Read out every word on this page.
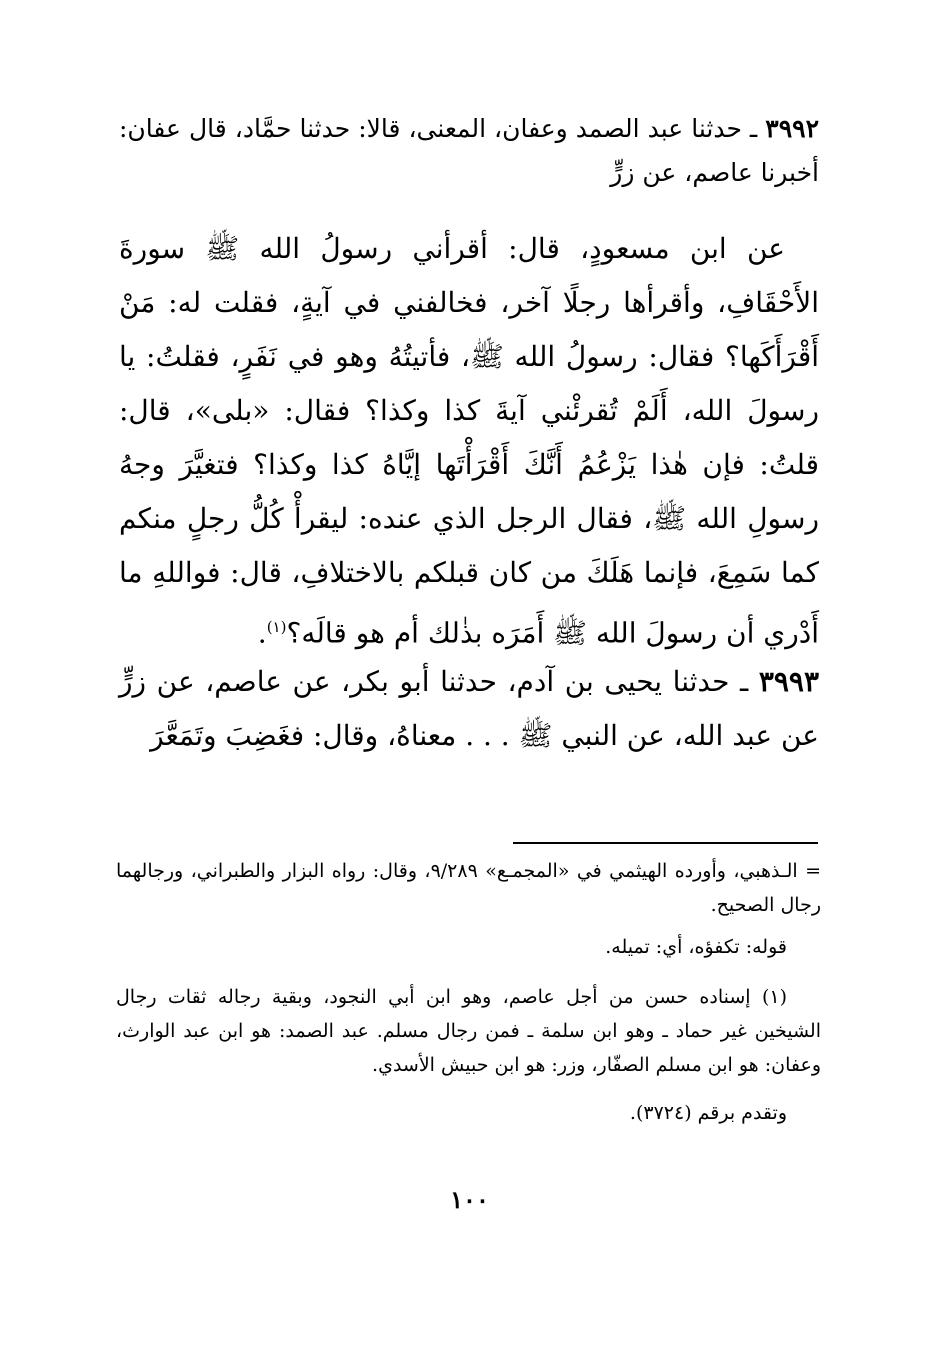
٣٩٩٢ ـ حدثنا عبد الصمد وعفان، المعنى، قالا: حدثنا حمَّاد، قال عفان: أخبرنا عاصم، عن زرٍّ

عن ابن مسعودٍ، قال: أقرأني رسولُ الله ﷺ سورةَ الأَحْقَافِ، وأقرأها رجلًا آخر، فخالفني في آيةٍ، فقلت له: مَنْ أَقْرَأَكَها؟ فقال: رسولُ الله ﷺ، فأتيتُهُ وهو في نَفَرٍ، فقلتُ: يا رسولَ الله، أَلَمْ تُقرئْني آيةَ كذا وكذا؟ فقال: «بلى»، قال: قلتُ: فإن هٰذا يَزْعُمُ أَنَّكَ أَقْرَأْتَها إيَّاهُ كذا وكذا؟ فتغيَّرَ وجهُ رسولِ الله ﷺ، فقال الرجل الذي عنده: ليقرأْ كُلُّ رجلٍ منكم كما سَمِعَ، فإنما هَلَكَ من كان قبلكم بالاختلافِ، قال: فواللهِ ما أَدْري أن رسولَ الله ﷺ أَمَرَه بذٰلك أم هو قالَه؟$^{(١)}$.

٣٩٩٣ ـ حدثنا يحيى بن آدم، حدثنا أبو بكر، عن عاصم، عن زرٍّ عن عبد الله، عن النبي ﷺ . . . معناهُ، وقال: فغَضِبَ وتَمَعَّرَ

= الـذهبي، وأورده الهيثمي في «المجمـع» ٩/٢٨٩، وقال: رواه البزار والطبراني، ورجالهما رجال الصحيح.

قوله: تكفؤه، أي: تميله.

(١) إسناده حسن من أجل عاصم، وهو ابن أبي النجود، وبقية رجاله ثقات رجال الشيخين غير حماد ـ وهو ابن سلمة ـ فمن رجال مسلم. عبد الصمد: هو ابن عبد الوارث، وعفان: هو ابن مسلم الصفّار، وزر: هو ابن حبيش الأسدي.

وتقدم برقم (٣٧٢٤).

١٠٠
